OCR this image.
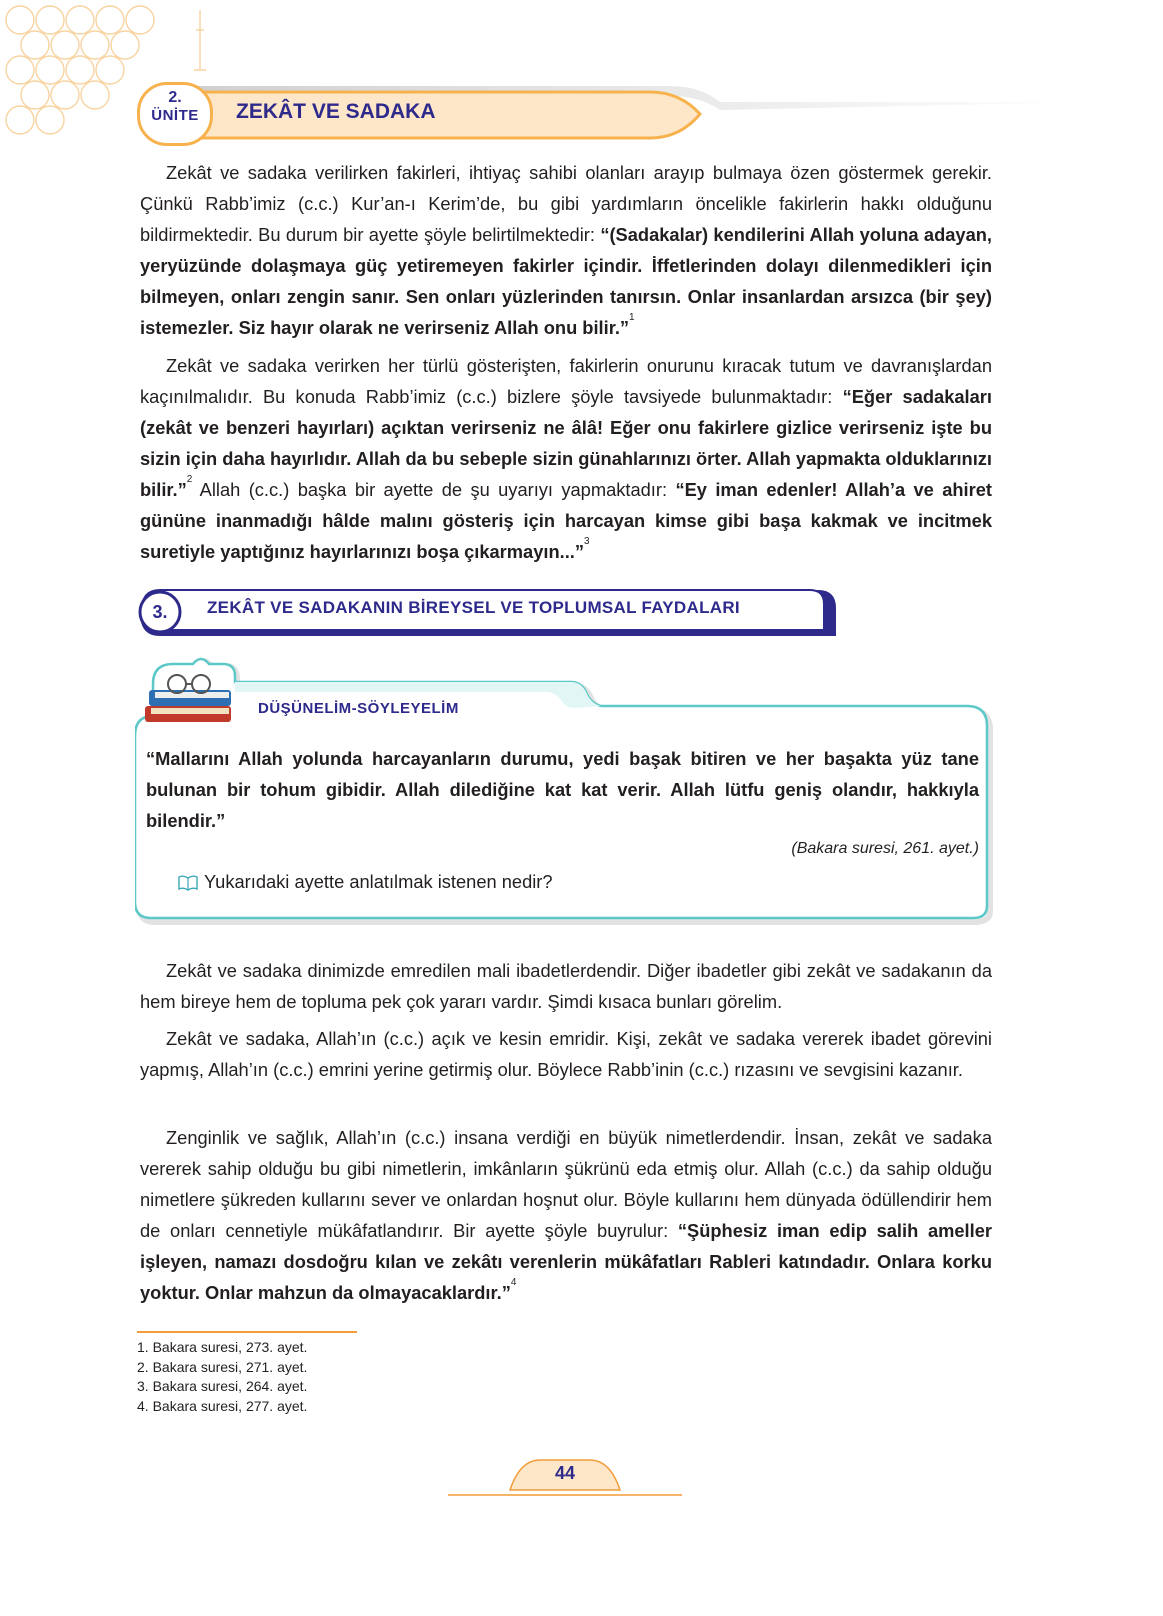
2.
ÜNİTE	ZEKÂT VE SADAKA

Zekât ve sadaka verilirken fakirleri, ihtiyaç sahibi olanları arayıp bulmaya özen göstermek gerekir. Çünkü Rabb’imiz (c.c.) Kur’an-ı Kerim’de, bu gibi yardımların öncelikle fakirlerin hakkı olduğunu bildirmektedir. Bu durum bir ayette şöyle belirtilmektedir: “(Sadakalar) kendilerini Allah yoluna adayan, yeryüzünde dolaşmaya güç yetiremeyen fakirler içindir. İffetlerinden dolayı dilenmedikleri için bilmeyen, onları zengin sanır. Sen onları yüzlerinden tanırsın. Onlar insanlardan arsızca (bir şey) istemezler. Siz hayır olarak ne verirseniz Allah onu bilir.”$^1$

Zekât ve sadaka verirken her türlü gösterişten, fakirlerin onurunu kıracak tutum ve davranışlardan kaçınılmalıdır. Bu konuda Rabb’imiz (c.c.) bizlere şöyle tavsiyede bulunmaktadır: “Eğer sadakaları (zekât ve benzeri hayırları) açıktan verirseniz ne âlâ! Eğer onu fakirlere gizlice verirseniz işte bu sizin için daha hayırlıdır. Allah da bu sebeple sizin günahlarınızı örter. Allah yapmakta olduklarınızı bilir.”$^2$ Allah (c.c.) başka bir ayette de şu uyarıyı yapmaktadır: “Ey iman edenler! Allah’a ve ahiret gününe inanmadığı hâlde malını gösteriş için harcayan kimse gibi başa kakmak ve incitmek suretiyle yaptığınız hayırlarınızı boşa çıkarmayın...”$^3$

3.	ZEKÂT VE SADAKANIN BİREYSEL VE TOPLUMSAL FAYDALARI
DÜŞÜNELİM-SÖYLEYELİM

“Mallarını Allah yolunda harcayanların durumu, yedi başak bitiren ve her başakta yüz tane bulunan bir tohum gibidir. Allah dilediğine kat kat verir. Allah lütfu geniş olandır, hakkıyla bilendir.”

(Bakara suresi, 261. ayet.)
Yukarıdaki ayette anlatılmak istenen nedir?

Zekât ve sadaka dinimizde emredilen mali ibadetlerdendir. Diğer ibadetler gibi zekât ve sadakanın da hem bireye hem de topluma pek çok yararı vardır. Şimdi kısaca bunları görelim.

Zekât ve sadaka, Allah’ın (c.c.) açık ve kesin emridir. Kişi, zekât ve sadaka vererek ibadet görevini yapmış, Allah’ın (c.c.) emrini yerine getirmiş olur. Böylece Rabb’inin (c.c.) rızasını ve sevgisini kazanır.

Zenginlik ve sağlık, Allah’ın (c.c.) insana verdiği en büyük nimetlerdendir. İnsan, zekât ve sadaka vererek sahip olduğu bu gibi nimetlerin, imkânların şükrünü eda etmiş olur. Allah (c.c.) da sahip olduğu nimetlere şükreden kullarını sever ve onlardan hoşnut olur. Böyle kullarını hem dünyada ödüllendirir hem de onları cennetiyle mükâfatlandırır. Bir ayette şöyle buyrulur: “Şüphesiz iman edip salih ameller işleyen, namazı dosdoğru kılan ve zekâtı verenlerin mükâfatları Rableri katındadır. Onlara korku yoktur. Onlar mahzun da olmayacaklardır.”$^4$

1. Bakara suresi, 273. ayet.
2. Bakara suresi, 271. ayet.
3. Bakara suresi, 264. ayet.
4. Bakara suresi, 277. ayet.
44
